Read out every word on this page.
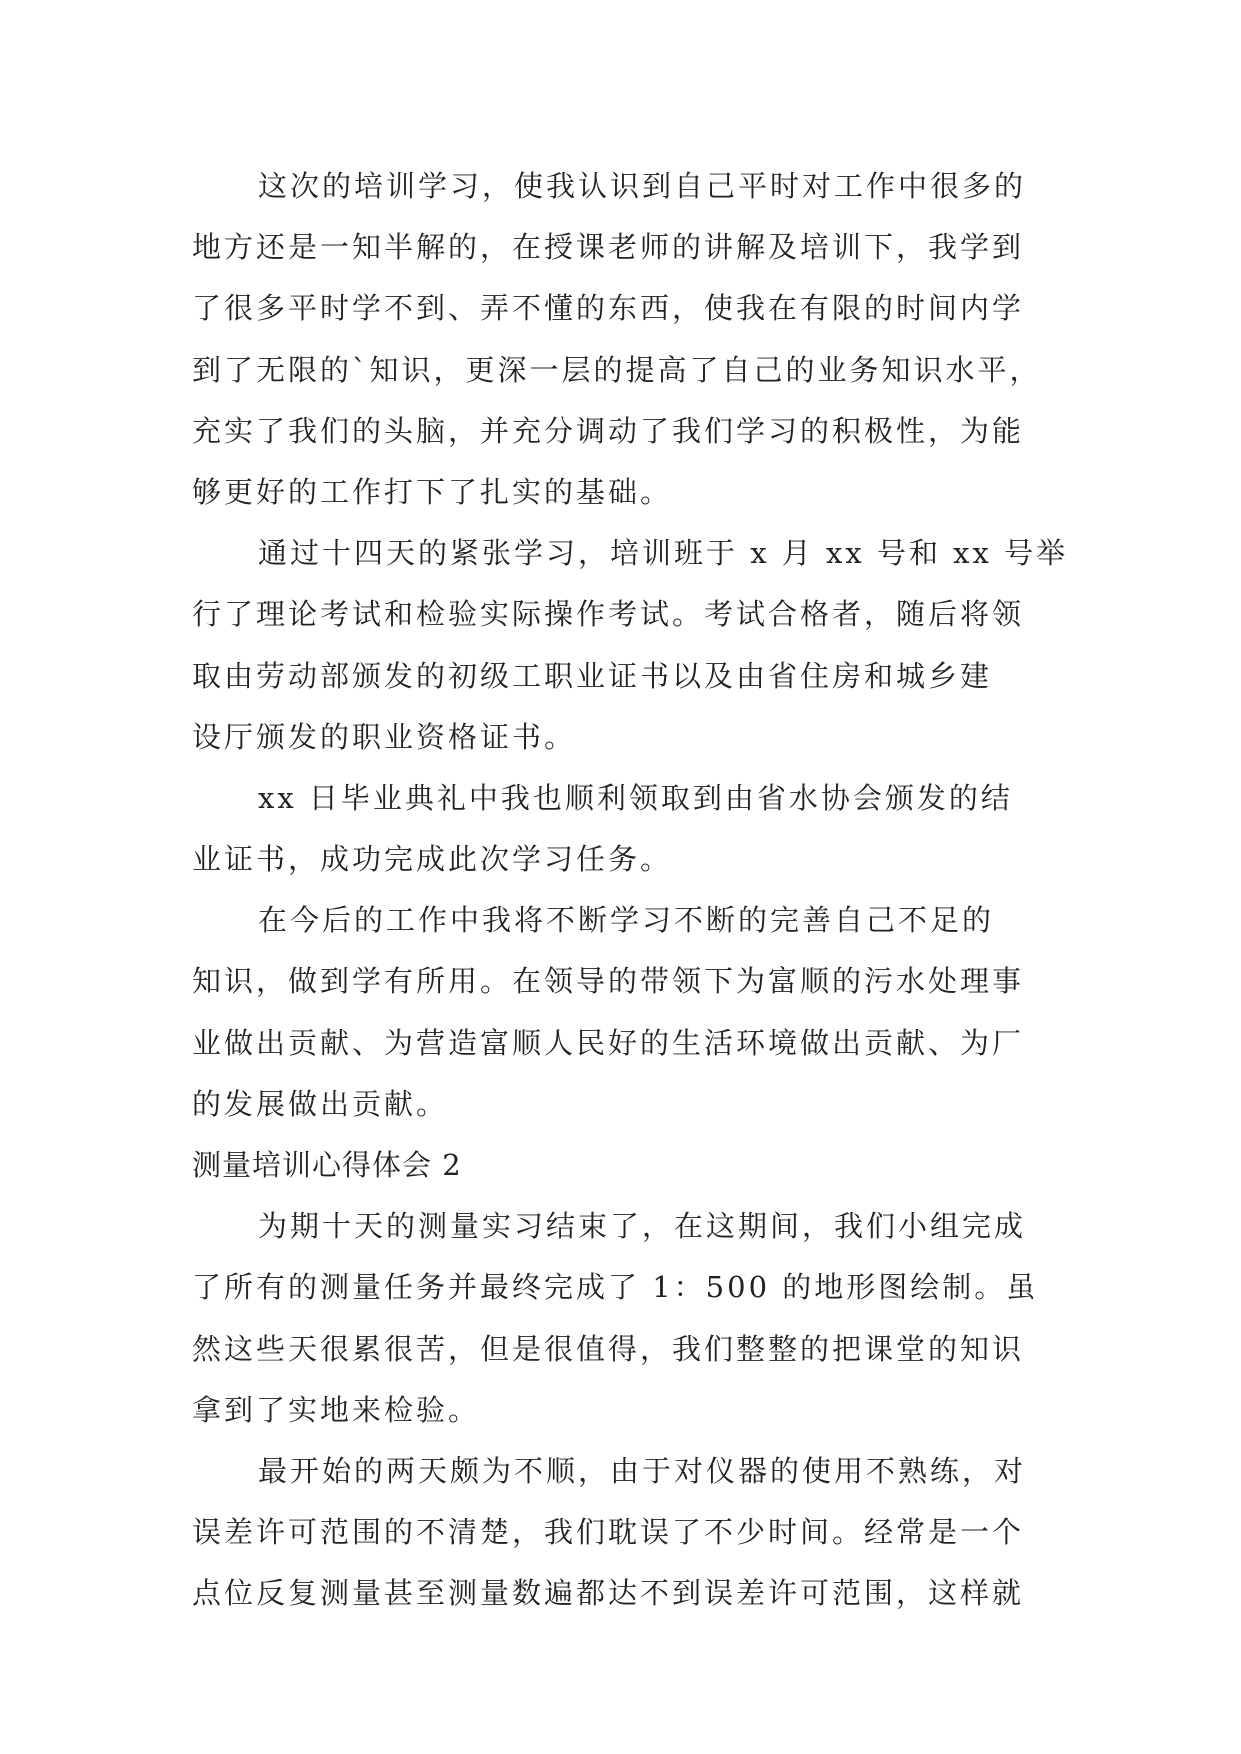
这次的培训学习，使我认识到自己平时对工作中很多的
地方还是一知半解的，在授课老师的讲解及培训下，我学到
了很多平时学不到、弄不懂的东西，使我在有限的时间内学
到了无限的`知识，更深一层的提高了自己的业务知识水平，
充实了我们的头脑，并充分调动了我们学习的积极性，为能
够更好的工作打下了扎实的基础。
通过十四天的紧张学习，培训班于 x 月 xx 号和 xx 号举
行了理论考试和检验实际操作考试。考试合格者，随后将领
取由劳动部颁发的初级工职业证书以及由省住房和城乡建
设厅颁发的职业资格证书。
xx 日毕业典礼中我也顺利领取到由省水协会颁发的结
业证书，成功完成此次学习任务。
在今后的工作中我将不断学习不断的完善自己不足的
知识，做到学有所用。在领导的带领下为富顺的污水处理事
业做出贡献、为营造富顺人民好的生活环境做出贡献、为厂
的发展做出贡献。
测量培训心得体会 2
为期十天的测量实习结束了，在这期间，我们小组完成
了所有的测量任务并最终完成了 1：500 的地形图绘制。虽
然这些天很累很苦，但是很值得，我们整整的把课堂的知识
拿到了实地来检验。
最开始的两天颇为不顺，由于对仪器的使用不熟练，对
误差许可范围的不清楚，我们耽误了不少时间。经常是一个
点位反复测量甚至测量数遍都达不到误差许可范围，这样就
